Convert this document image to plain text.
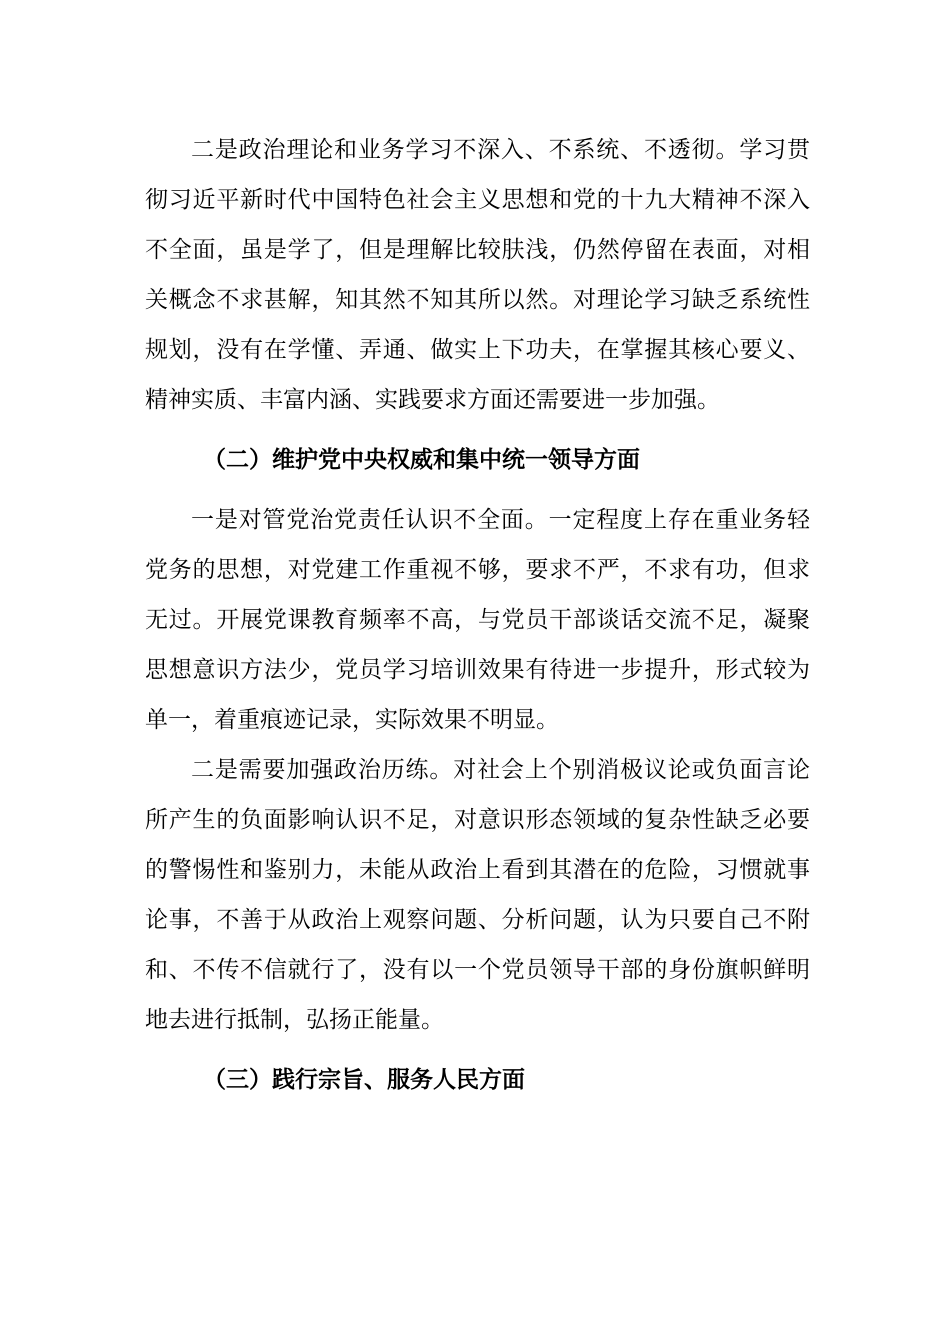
二是政治理论和业务学习不深入、不系统、不透彻。学习贯彻习近平新时代中国特色社会主义思想和党的十九大精神不深入不全面，虽是学了，但是理解比较肤浅，仍然停留在表面，对相关概念不求甚解，知其然不知其所以然。对理论学习缺乏系统性规划，没有在学懂、弄通、做实上下功夫，在掌握其核心要义、精神实质、丰富内涵、实践要求方面还需要进一步加强。

（二）维护党中央权威和集中统一领导方面

一是对管党治党责任认识不全面。一定程度上存在重业务轻党务的思想，对党建工作重视不够，要求不严，不求有功，但求无过。开展党课教育频率不高，与党员干部谈话交流不足，凝聚思想意识方法少，党员学习培训效果有待进一步提升，形式较为单一，着重痕迹记录，实际效果不明显。

二是需要加强政治历练。对社会上个别消极议论或负面言论所产生的负面影响认识不足，对意识形态领域的复杂性缺乏必要的警惕性和鉴别力，未能从政治上看到其潜在的危险，习惯就事论事，不善于从政治上观察问题、分析问题，认为只要自己不附和、不传不信就行了，没有以一个党员领导干部的身份旗帜鲜明地去进行抵制，弘扬正能量。

（三）践行宗旨、服务人民方面
